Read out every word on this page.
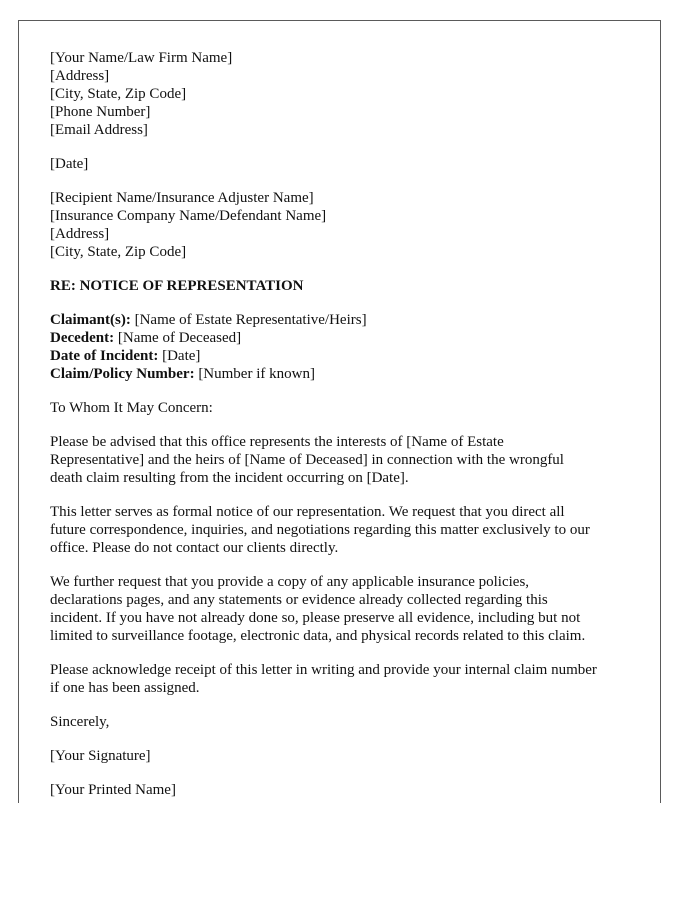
[Your Name/Law Firm Name]
[Address]
[City, State, Zip Code]
[Phone Number]
[Email Address]
[Date]
[Recipient Name/Insurance Adjuster Name]
[Insurance Company Name/Defendant Name]
[Address]
[City, State, Zip Code]
RE: NOTICE OF REPRESENTATION
Claimant(s): [Name of Estate Representative/Heirs]
Decedent: [Name of Deceased]
Date of Incident: [Date]
Claim/Policy Number: [Number if known]

To Whom It May Concern:

Please be advised that this office represents the interests of [Name of Estate
Representative] and the heirs of [Name of Deceased] in connection with the wrongful
death claim resulting from the incident occurring on [Date].

This letter serves as formal notice of our representation. We request that you direct all
future correspondence, inquiries, and negotiations regarding this matter exclusively to our
office. Please do not contact our clients directly.

We further request that you provide a copy of any applicable insurance policies,
declarations pages, and any statements or evidence already collected regarding this
incident. If you have not already done so, please preserve all evidence, including but not
limited to surveillance footage, electronic data, and physical records related to this claim.

Please acknowledge receipt of this letter in writing and provide your internal claim number
if one has been assigned.

Sincerely,

[Your Signature]

[Your Printed Name]
